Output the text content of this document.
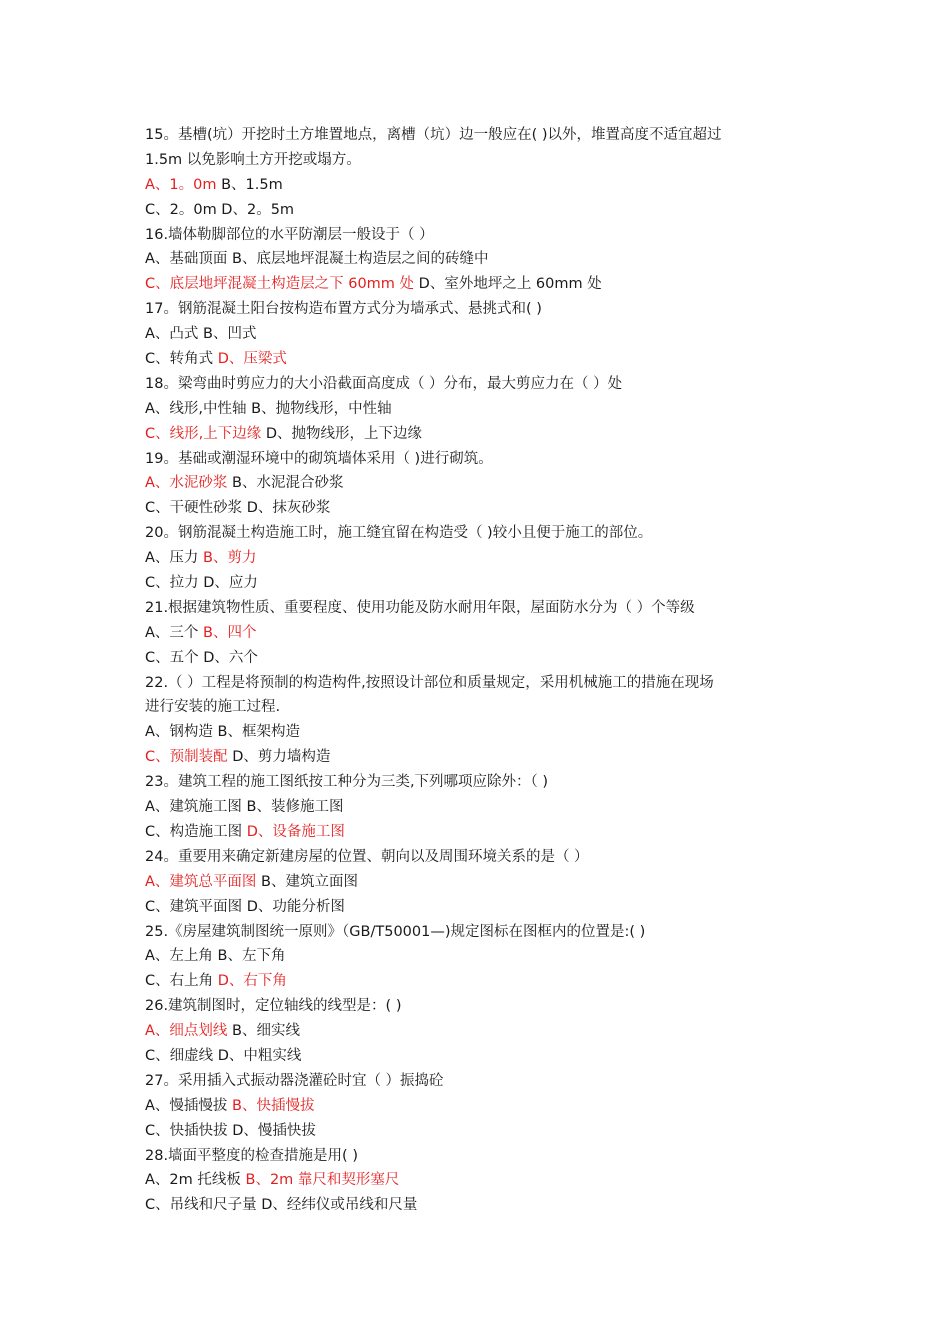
15。基槽(坑）开挖时土方堆置地点，离槽（坑）边一般应在( )以外，堆置高度不适宜超过
1.5m 以免影响土方开挖或塌方。
A、1。0m B、1.5m
C、2。0m D、2。5m
16.墙体勒脚部位的水平防潮层一般设于（ ）
A、基础顶面 B、底层地坪混凝土构造层之间的砖缝中
C、底层地坪混凝土构造层之下 60mm 处 D、室外地坪之上 60mm 处
17。钢筋混凝土阳台按构造布置方式分为墙承式、悬挑式和( )
A、凸式 B、凹式
C、转角式 D、压梁式
18。梁弯曲时剪应力的大小沿截面高度成（ ）分布，最大剪应力在（ ）处
A、线形,中性轴 B、抛物线形，中性轴
C、线形,上下边缘 D、抛物线形，上下边缘
19。基础或潮湿环境中的砌筑墙体采用（ )进行砌筑。
A、水泥砂浆 B、水泥混合砂浆
C、干硬性砂浆 D、抹灰砂浆
20。钢筋混凝土构造施工时，施工缝宜留在构造受（ )较小且便于施工的部位。
A、压力 B、剪力
C、拉力 D、应力
21.根据建筑物性质、重要程度、使用功能及防水耐用年限，屋面防水分为（ ）个等级
A、三个 B、四个
C、五个 D、六个
22.（ ）工程是将预制的构造构件,按照设计部位和质量规定，采用机械施工的措施在现场
进行安装的施工过程.
A、钢构造 B、框架构造
C、预制装配 D、剪力墙构造
23。建筑工程的施工图纸按工种分为三类,下列哪项应除外：（ )
A、建筑施工图 B、装修施工图
C、构造施工图 D、设备施工图
24。重要用来确定新建房屋的位置、朝向以及周围环境关系的是（ ）
A、建筑总平面图 B、建筑立面图
C、建筑平面图 D、功能分析图
25.《房屋建筑制图统一原则》（GB/T50001—)规定图标在图框内的位置是:( )
A、左上角 B、左下角
C、右上角 D、右下角
26.建筑制图时，定位轴线的线型是：( )
A、细点划线 B、细实线
C、细虚线 D、中粗实线
27。采用插入式振动器浇灌砼时宜（ ）振捣砼
A、慢插慢拔 B、快插慢拔
C、快插快拔 D、慢插快拔
28.墙面平整度的检查措施是用( )
A、2m 托线板 B、2m 靠尺和契形塞尺
C、吊线和尺子量 D、经纬仪或吊线和尺量
